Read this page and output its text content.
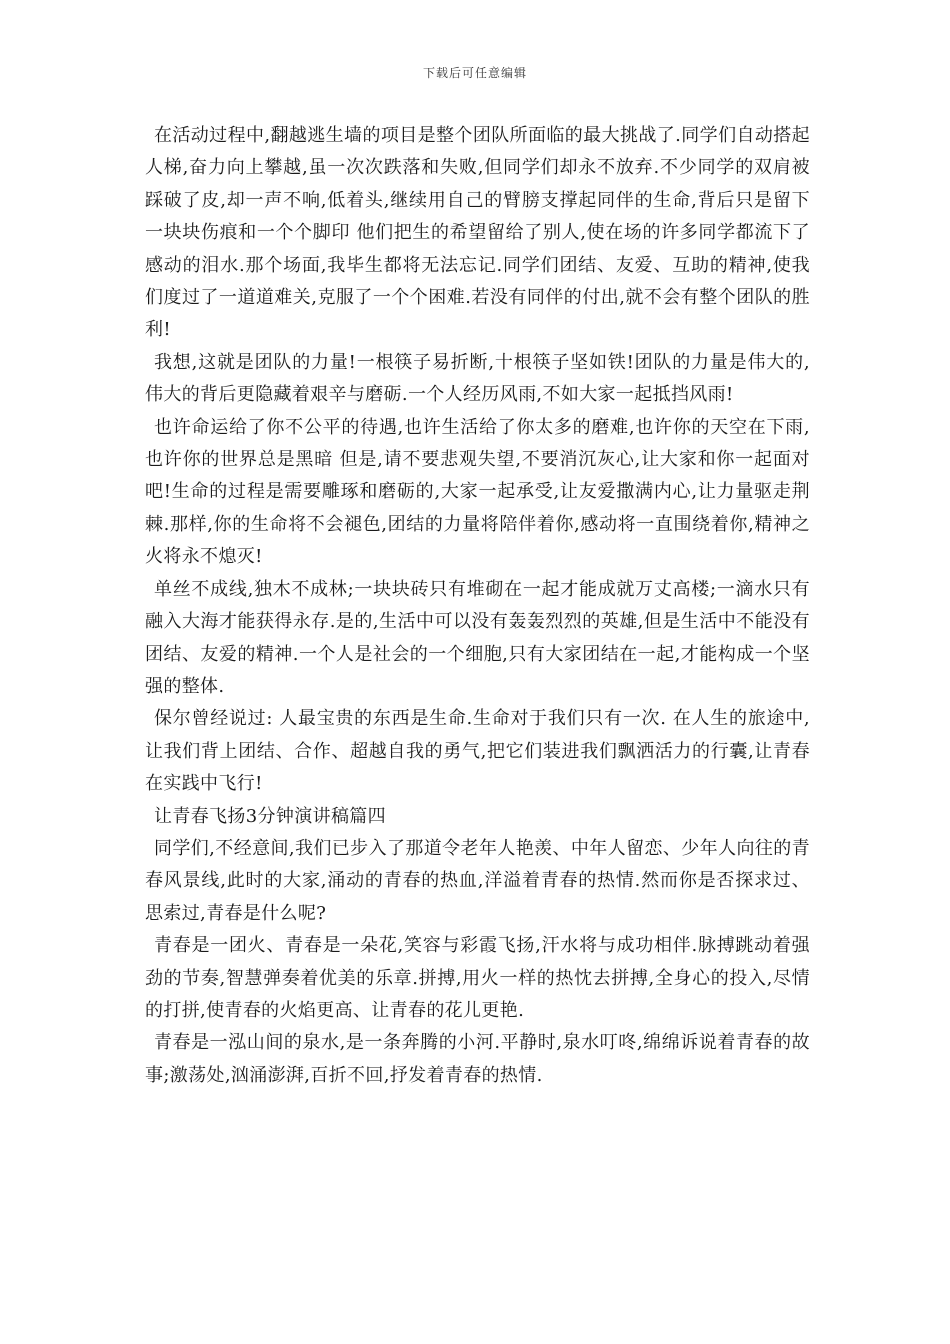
下载后可任意编辑

在活动过程中,翻越逃生墙的项目是整个团队所面临的最大挑战了.同学们自动搭起人梯,奋力向上攀越,虽一次次跌落和失败,但同学们却永不放弃.不少同学的双肩被踩破了皮,却一声不响,低着头,继续用自己的臂膀支撑起同伴的生命,背后只是留下一块块伤痕和一个个脚印 他们把生的希望留给了别人,使在场的许多同学都流下了感动的泪水.那个场面,我毕生都将无法忘记.同学们团结、友爱、互助的精神,使我们度过了一道道难关,克服了一个个困难.若没有同伴的付出,就不会有整个团队的胜利!

我想,这就是团队的力量!一根筷子易折断,十根筷子坚如铁!团队的力量是伟大的,伟大的背后更隐藏着艰辛与磨砺.一个人经历风雨,不如大家一起抵挡风雨!

也许命运给了你不公平的待遇,也许生活给了你太多的磨难,也许你的天空在下雨,也许你的世界总是黑暗 但是,请不要悲观失望,不要消沉灰心,让大家和你一起面对吧!生命的过程是需要雕琢和磨砺的,大家一起承受,让友爱撒满内心,让力量驱走荆棘.那样,你的生命将不会褪色,团结的力量将陪伴着你,感动将一直围绕着你,精神之火将永不熄灭!

单丝不成线,独木不成林;一块块砖只有堆砌在一起才能成就万丈高楼;一滴水只有融入大海才能获得永存.是的,生活中可以没有轰轰烈烈的英雄,但是生活中不能没有团结、友爱的精神.一个人是社会的一个细胞,只有大家团结在一起,才能构成一个坚强的整体.

保尔曾经说过: 人最宝贵的东西是生命.生命对于我们只有一次. 在人生的旅途中,让我们背上团结、合作、超越自我的勇气,把它们装进我们飘洒活力的行囊,让青春在实践中飞行!

让青春飞扬3分钟演讲稿篇四

同学们,不经意间,我们已步入了那道令老年人艳羡、中年人留恋、少年人向往的青春风景线,此时的大家,涌动的青春的热血,洋溢着青春的热情.然而你是否探求过、思索过,青春是什么呢?

青春是一团火、青春是一朵花,笑容与彩霞飞扬,汗水将与成功相伴.脉搏跳动着强劲的节奏,智慧弹奏着优美的乐章.拼搏,用火一样的热忱去拼搏,全身心的投入,尽情的打拼,使青春的火焰更高、让青春的花儿更艳.

青春是一泓山间的泉水,是一条奔腾的小河.平静时,泉水叮咚,绵绵诉说着青春的故事;激荡处,汹涌澎湃,百折不回,抒发着青春的热情.
